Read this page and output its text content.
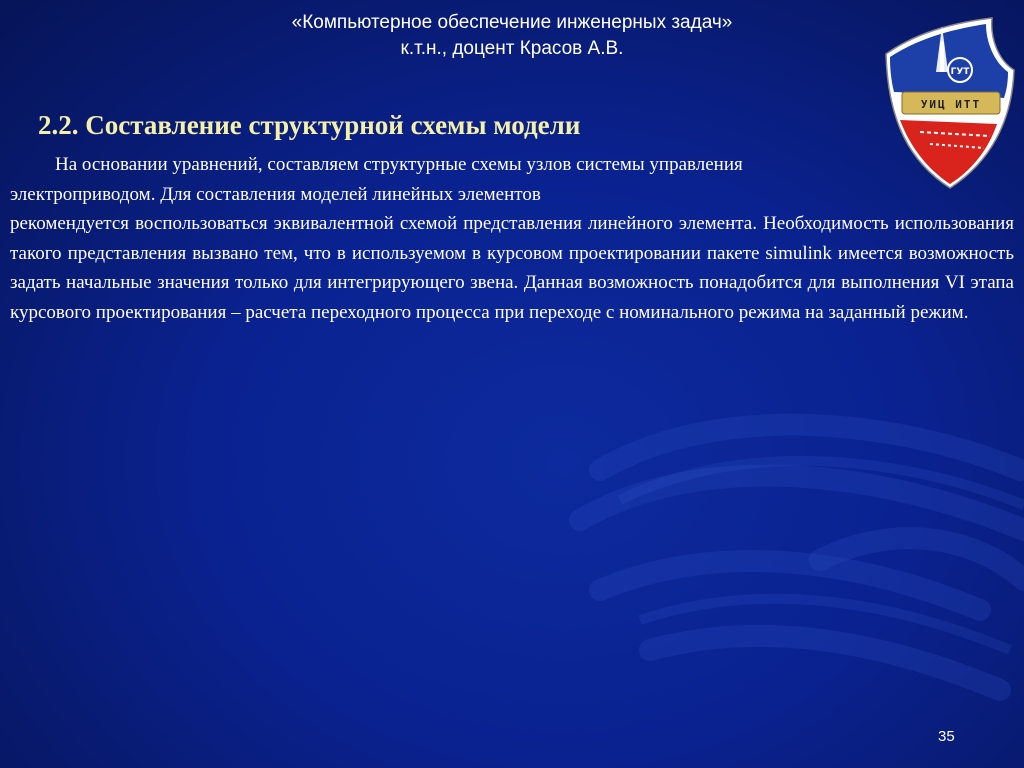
«Компьютерное обеспечение инженерных задач»
к.т.н., доцент Красов А.В.
ГУТ
УИЦ ИТТ
2.2. Составление структурной схемы модели

На основании уравнений, составляем структурные схемы узлов системы управления электроприводом. Для составления моделей линейных элементов

рекомендуется воспользоваться эквивалентной схемой представления линейного элемента. Необходимость использования такого представления вызвано тем, что в используемом в курсовом проектировании пакете simulink имеется возможность задать начальные значения только для интегрирующего звена. Данная возможность понадобится для выполнения VI этапа курсового проектирования – расчета переходного процесса при переходе с номинального режима на заданный режим.

35
